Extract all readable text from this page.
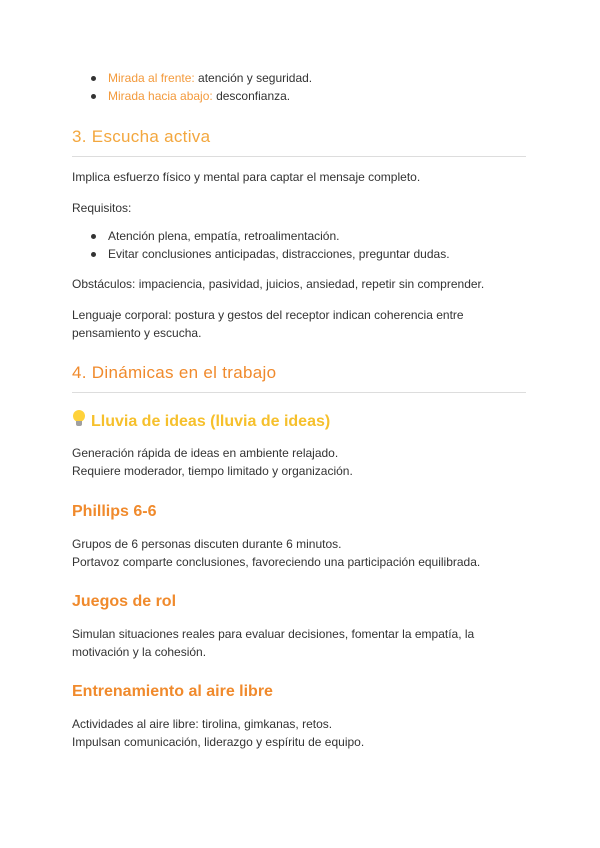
Mirada al frente: atención y seguridad.
Mirada hacia abajo: desconfianza.
3. Escucha activa
Implica esfuerzo físico y mental para captar el mensaje completo.
Requisitos:
Atención plena, empatía, retroalimentación.
Evitar conclusiones anticipadas, distracciones, preguntar dudas.
Obstáculos: impaciencia, pasividad, juicios, ansiedad, repetir sin comprender.
Lenguaje corporal: postura y gestos del receptor indican coherencia entre
pensamiento y escucha.
4. Dinámicas en el trabajo
Lluvia de ideas (lluvia de ideas)
Generación rápida de ideas en ambiente relajado.
Requiere moderador, tiempo limitado y organización.
Phillips 6-6
Grupos de 6 personas discuten durante 6 minutos.
Portavoz comparte conclusiones, favoreciendo una participación equilibrada.
Juegos de rol
Simulan situaciones reales para evaluar decisiones, fomentar la empatía, la
motivación y la cohesión.
Entrenamiento al aire libre
Actividades al aire libre: tirolina, gimkanas, retos.
Impulsan comunicación, liderazgo y espíritu de equipo.
